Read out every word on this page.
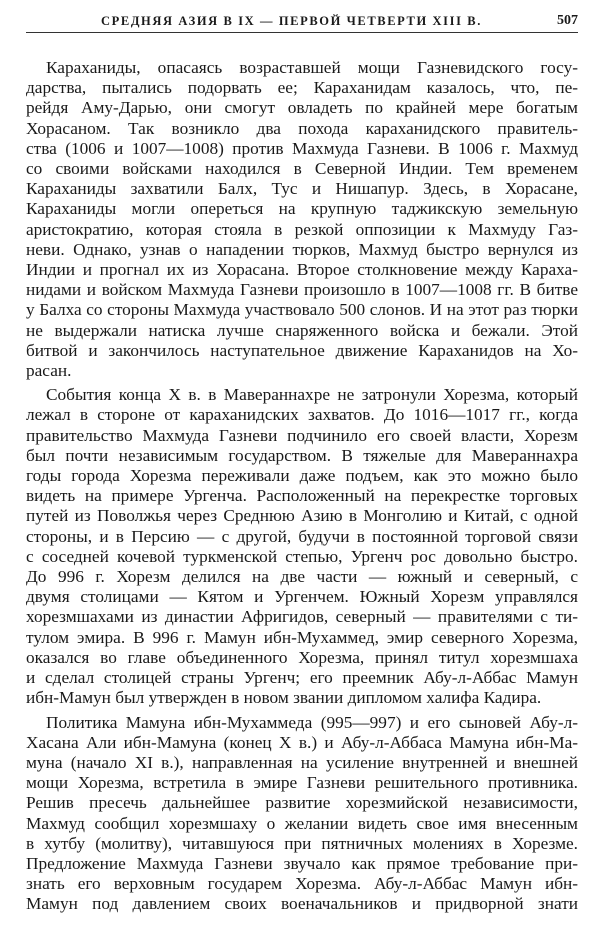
СРЕДНЯЯ АЗИЯ В IX — ПЕРВОЙ ЧЕТВЕРТИ XIII В.	507
Караханиды, опасаясь возраставшей мощи Газневидского госу-
дарства, пытались подорвать ее; Караханидам казалось, что, пе-
рейдя Аму-Дарью, они смогут овладеть по крайней мере богатым
Хорасаном. Так возникло два похода караханидского правитель-
ства (1006 и 1007—1008) против Махмуда Газневи. В 1006 г. Махмуд
со своими войсками находился в Северной Индии. Тем временем
Караханиды захватили Балх, Тус и Нишапур. Здесь, в Хорасане,
Караханиды могли опереться на крупную таджикскую земельную
аристократию, которая стояла в резкой оппозиции к Махмуду Газ-
неви. Однако, узнав о нападении тюрков, Махмуд быстро вернулся из
Индии и прогнал их из Хорасана. Второе столкновение между Карaха-
нидами и войском Махмуда Газневи произошло в 1007—1008 гг. В битве
у Балха со стороны Махмуда участвовало 500 слонов. И на этот раз тюрки
не выдержали натиска лучше снаряженного войска и бежали. Этой
битвой и закончилось наступательное движение Караханидов на Хо-
расан.
События конца X в. в Мавераннахре не затронули Хорезма, который
лежал в стороне от караханидских захватов. До 1016—1017 гг., когда
правительство Махмуда Газневи подчинило его своей власти, Хорезм
был почти независимым государством. В тяжелые для Мавераннахра
годы города Хорезма переживали даже подъем, как это можно было
видеть на примере Ургенча. Расположенный на перекрестке торговых
путей из Поволжья через Среднюю Азию в Монголию и Китай, с одной
стороны, и в Персию — с другой, будучи в постоянной торговой связи
с соседней кочевой туркменской степью, Ургенч рос довольно быстро.
До 996 г. Хорезм делился на две части — южный и северный, с
двумя столицами — Кятом и Ургенчем. Южный Хорезм управлялся
хорезмшахами из династии Афригидов, северный — правителями с ти-
тулом эмира. В 996 г. Мамун ибн-Мухаммед, эмир северного Хорезма,
оказался во главе объединенного Хорезма, принял титул хорезмшаха
и сделал столицей страны Ургенч; его преемник Абу-л-Аббас Мамун
ибн-Мамун был утвержден в новом звании дипломом халифа Кадира.
Политика Мамуна ибн-Мухаммеда (995—997) и его сыновей Абу-л-
Хасана Али ибн-Мамуна (конец X в.) и Абу-л-Аббаса Мамуна ибн-Ма-
муна (начало XI в.), направленная на усиление внутренней и внешней
мощи Хорезма, встретила в эмире Газневи решительного противника.
Решив пресечь дальнейшее развитие хорезмийской независимости,
Махмуд сообщил хорезмшаху о желании видеть свое имя внесенным
в хутбу (молитву), читавшуюся при пятничных молениях в Хорезме.
Предложение Махмуда Газневи звучало как прямое требование при-
знать его верховным государем Хорезма. Абу-л-Аббас Мамун ибн-
Мамун под давлением своих военачальников и придворной знати
